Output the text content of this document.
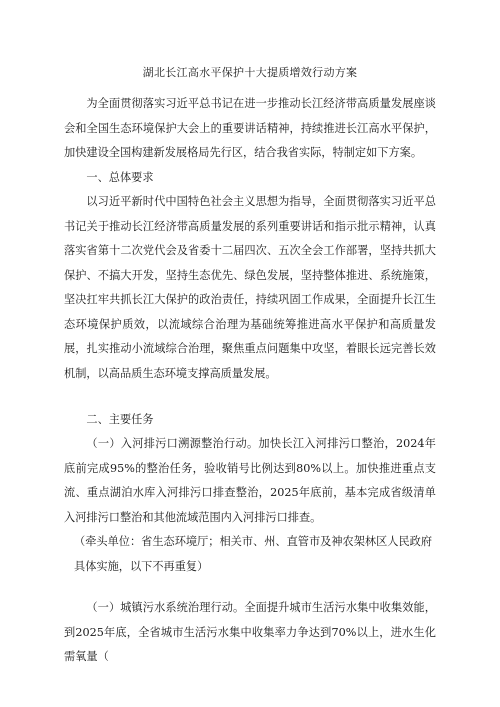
湖北长江高水平保护十大提质增效行动方案

为全面贯彻落实习近平总书记在进一步推动长江经济带高质量发展座谈会和全国生态环境保护大会上的重要讲话精神，持续推进长江高水平保护，加快建设全国构建新发展格局先行区，结合我省实际，特制定如下方案。

一、总体要求

以习近平新时代中国特色社会主义思想为指导，全面贯彻落实习近平总书记关于推动长江经济带高质量发展的系列重要讲话和指示批示精神，认真落实省第十二次党代会及省委十二届四次、五次全会工作部署，坚持共抓大保护、不搞大开发，坚持生态优先、绿色发展，坚持整体推进、系统施策，坚决扛牢共抓长江大保护的政治责任，持续巩固工作成果，全面提升长江生态环境保护质效，以流域综合治理为基础统筹推进高水平保护和高质量发展，扎实推动小流域综合治理，聚焦重点问题集中攻坚，着眼长远完善长效机制，以高品质生态环境支撑高质量发展。

二、主要任务

（一）入河排污口溯源整治行动。加快长江入河排污口整治，2024年底前完成95%的整治任务，验收销号比例达到80%以上。加快推进重点支流、重点湖泊水库入河排污口排查整治，2025年底前，基本完成省级清单入河排污口整治和其他流域范围内入河排污口排查。

（牵头单位：省生态环境厅；相关市、州、直管市及神农架林区人民政府具体实施，以下不再重复）

（一）城镇污水系统治理行动。全面提升城市生活污水集中收集效能，到2025年底，全省城市生活污水集中收集率力争达到70%以上，进水生化需氧量（
